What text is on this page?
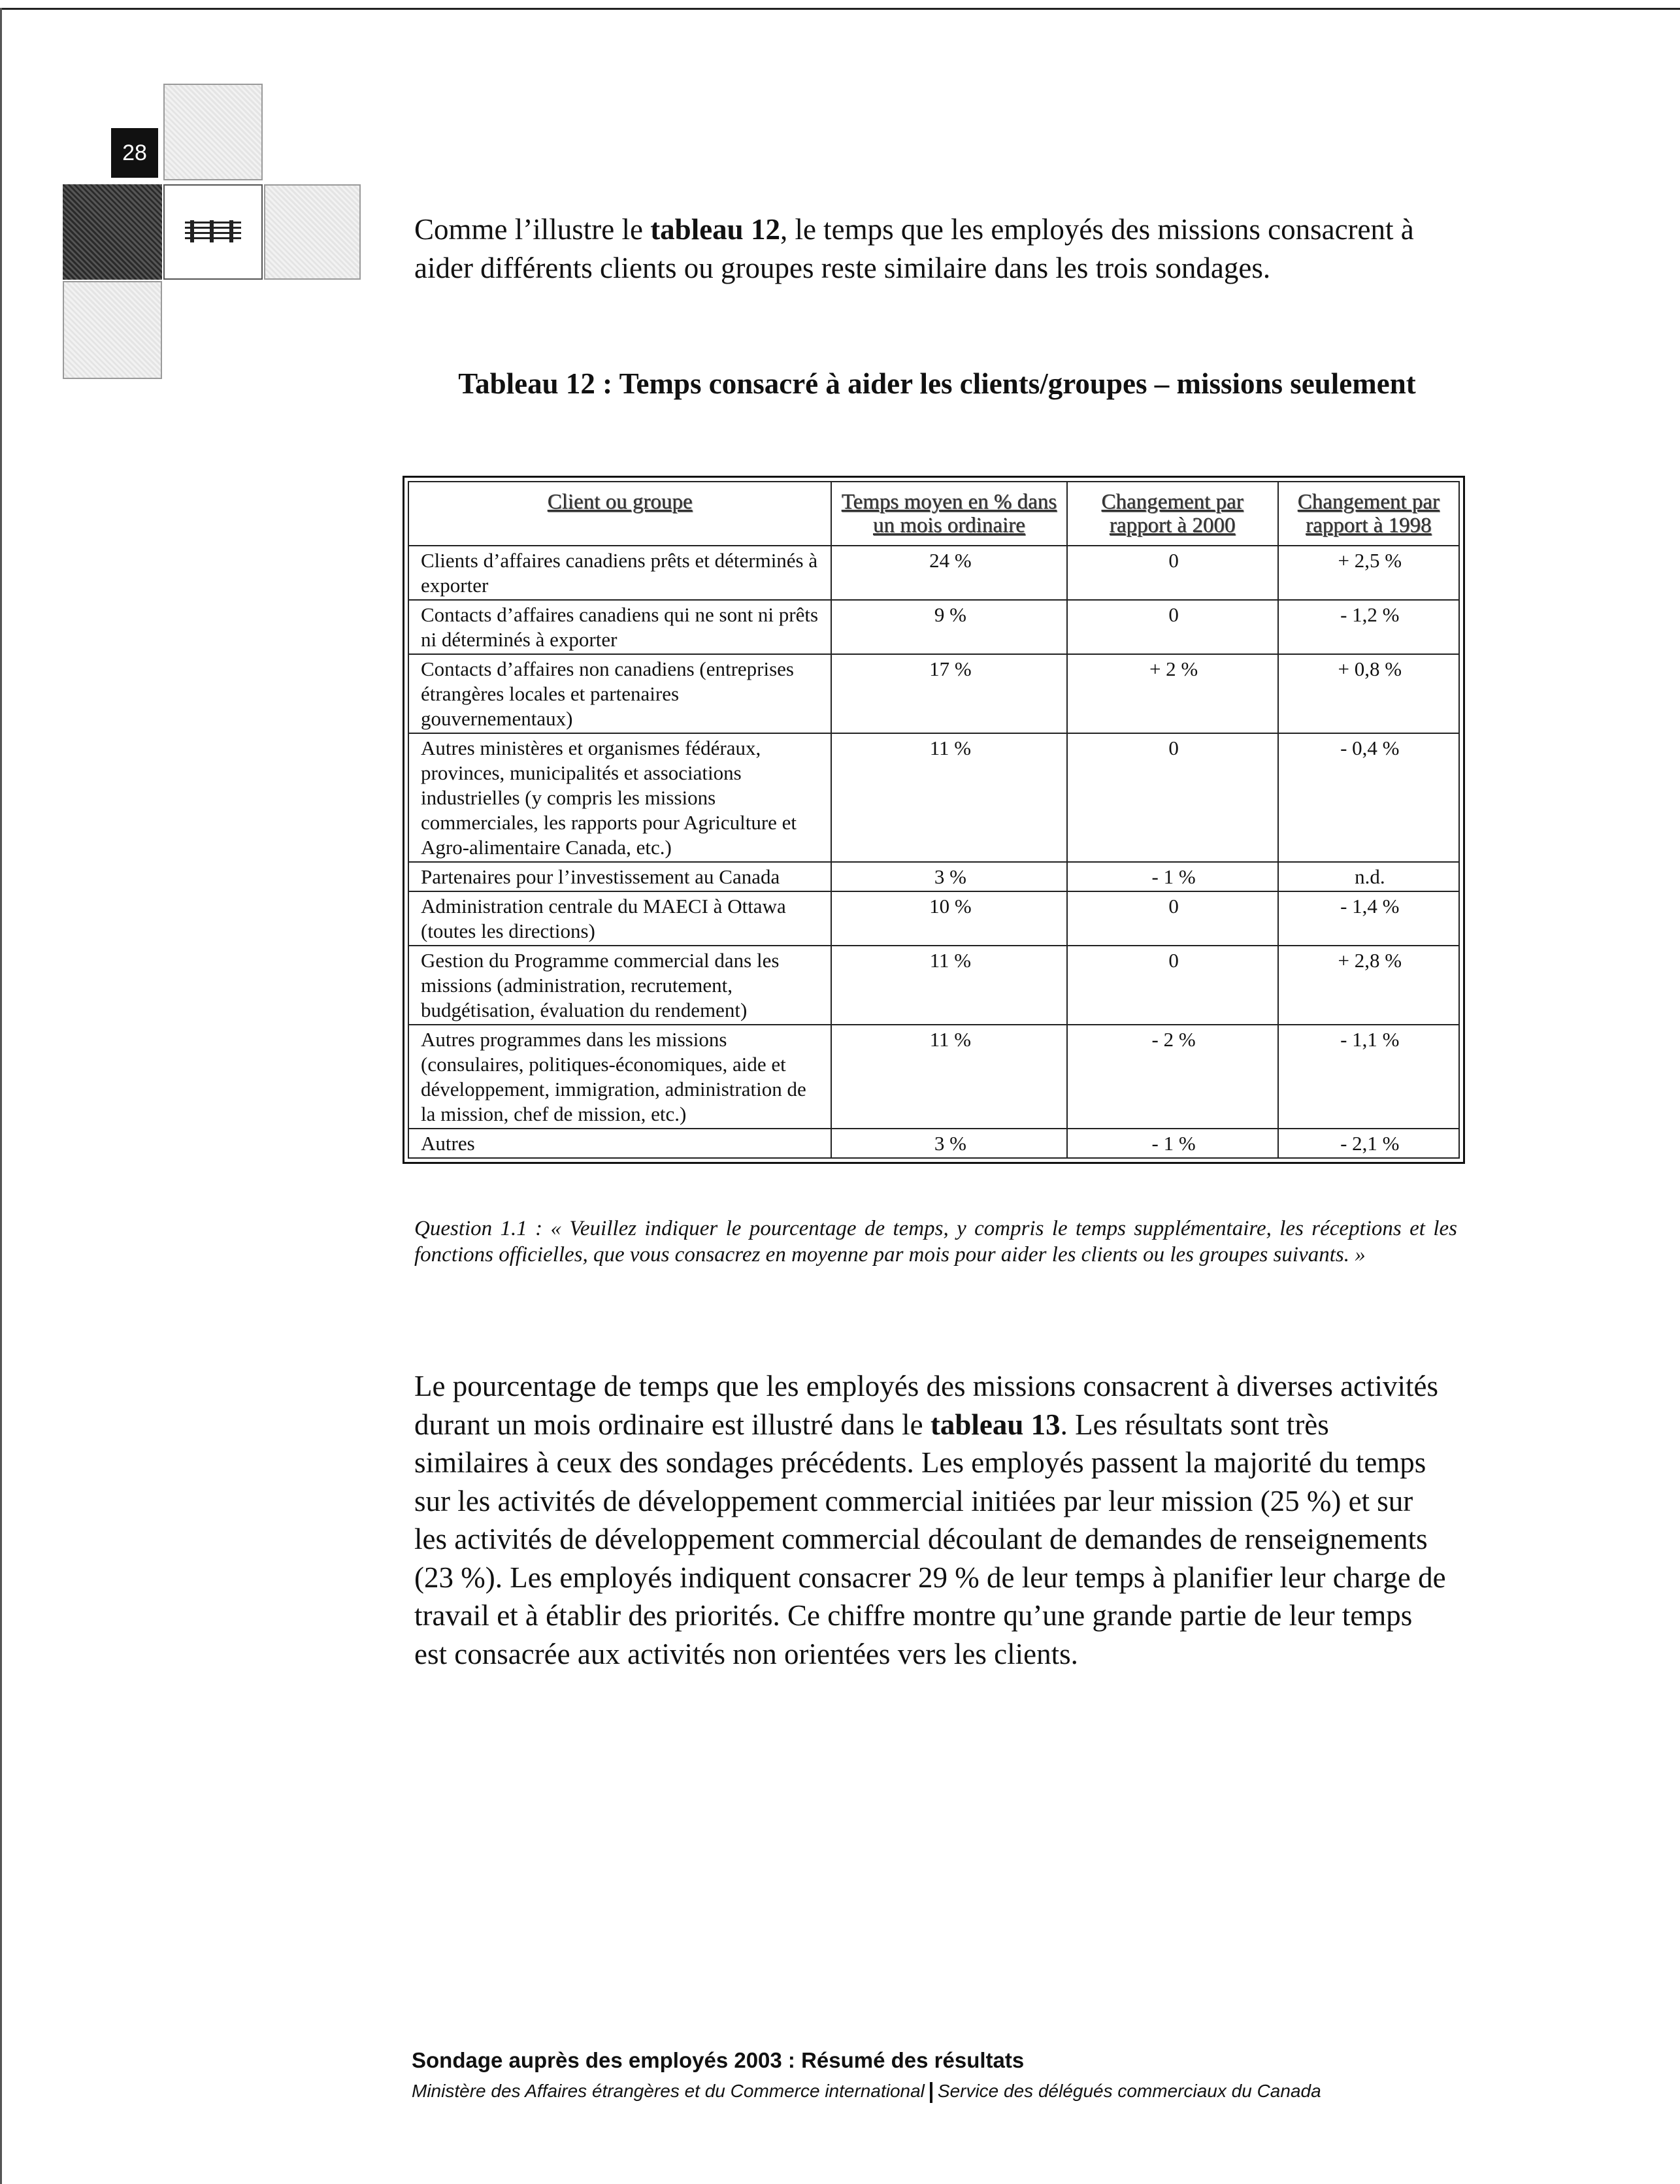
28

Comme l’illustre le tableau 12, le temps que les employés des missions consacrent à aider différents clients ou groupes reste similaire dans les trois sondages.

Tableau 12 : Temps consacré à aider les clients/groupes – missions seulement
Client ou groupe	Temps moyen en % dans un mois ordinaire	Changement par rapport à 2000	Changement par rapport à 1998
Clients d’affaires canadiens prêts et déterminés à exporter	24 %	0	+ 2,5 %
Contacts d’affaires canadiens qui ne sont ni prêts ni déterminés à exporter	9 %	0	- 1,2 %
Contacts d’affaires non canadiens (entreprises étrangères locales et partenaires gouvernementaux)	17 %	+ 2 %	+ 0,8 %
Autres ministères et organismes fédéraux, provinces, municipalités et associations industrielles (y compris les missions commerciales, les rapports pour Agriculture et Agro-alimentaire Canada, etc.)	11 %	0	- 0,4 %
Partenaires pour l’investissement au Canada	3 %	- 1 %	n.d.
Administration centrale du MAECI à Ottawa (toutes les directions)	10 %	0	- 1,4 %
Gestion du Programme commercial dans les missions (administration, recrutement, budgétisation, évaluation du rendement)	11 %	0	+ 2,8 %
Autres programmes dans les missions (consulaires, politiques-économiques, aide et développement, immigration, administration de la mission, chef de mission, etc.)	11 %	- 2 %	- 1,1 %
Autres	3 %	- 1 %	- 2,1 %

Question 1.1 : « Veuillez indiquer le pourcentage de temps, y compris le temps supplémentaire, les réceptions et les fonctions officielles, que vous consacrez en moyenne par mois pour aider les clients ou les groupes suivants. »

Le pourcentage de temps que les employés des missions consacrent à diverses activités durant un mois ordinaire est illustré dans le tableau 13. Les résultats sont très similaires à ceux des sondages précédents. Les employés passent la majorité du temps sur les activités de développement commercial initiées par leur mission (25 %) et sur les activités de développement commercial découlant de demandes de renseignements (23 %). Les employés indiquent consacrer 29 % de leur temps à planifier leur charge de travail et à établir des priorités. Ce chiffre montre qu’une grande partie de leur temps est consacrée aux activités non orientées vers les clients.

Sondage auprès des employés 2003 : Résumé des résultats
Ministère des Affaires étrangères et du Commerce international Service des délégués commerciaux du Canada
